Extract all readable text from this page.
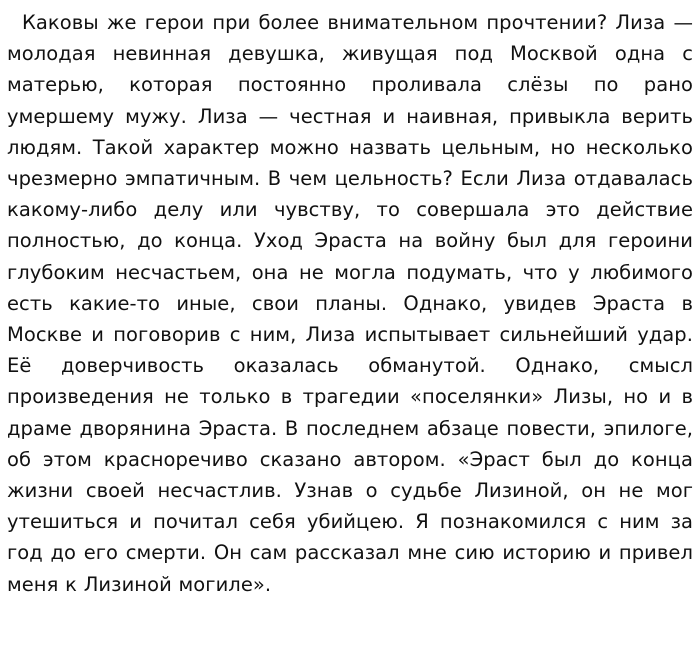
Каковы же герои при более внимательном прочтении? Лиза — молодая невинная девушка, живущая под Москвой одна с матерью, которая постоянно проливала слёзы по рано умершему мужу. Лиза — честная и наивная, привыкла верить людям. Такой характер можно назвать цельным, но несколько чрезмерно эмпатичным. В чем цельность? Если Лиза отдавалась какому-либо делу или чувству, то совершала это действие полностью, до конца. Уход Эраста на войну был для героини глубоким несчастьем, она не могла подумать, что у любимого есть какие-то иные, свои планы. Однако, увидев Эраста в Москве и поговорив с ним, Лиза испытывает сильнейший удар. Её доверчивость оказалась обманутой. Однако, смысл произведения не только в трагедии «поселянки» Лизы, но и в драме дворянина Эраста. В последнем абзаце повести, эпилоге, об этом красноречиво сказано автором. «Эраст был до конца жизни своей несчастлив. Узнав о судьбе Лизиной, он не мог утешиться и почитал себя убийцею. Я познакомился с ним за год до его смерти. Он сам рассказал мне сию историю и привел меня к Лизиной могиле».
